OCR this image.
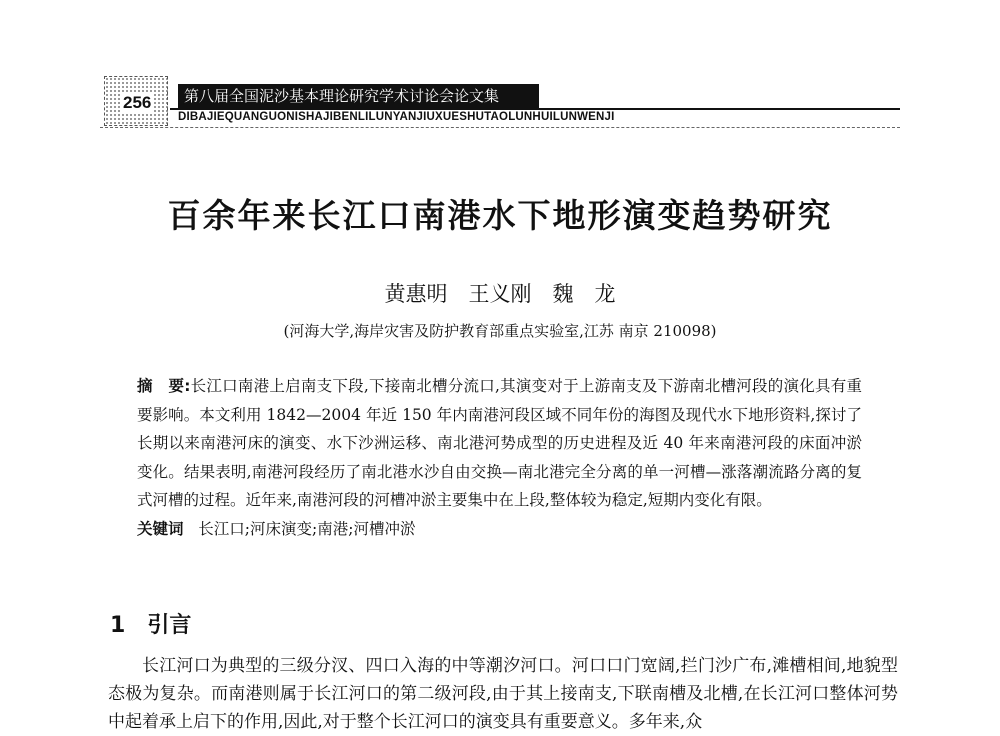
256	第八届全国泥沙基本理论研究学术讨论会论文集
DIBAJIEQUANGUONISHAJIBENLILUNYANJIUXUESHUTAOLUNHUILUNWENJI
百余年来长江口南港水下地形演变趋势研究
黄惠明　王义刚　魏　龙
(河海大学,海岸灾害及防护教育部重点实验室,江苏 南京 210098)
摘　要:长江口南港上启南支下段,下接南北槽分流口,其演变对于上游南支及下游南北槽河段的演化具有重要影响。本文利用 1842—2004 年近 150 年内南港河段区域不同年份的海图及现代水下地形资料,探讨了长期以来南港河床的演变、水下沙洲运移、南北港河势成型的历史进程及近 40 年来南港河段的床面冲淤变化。结果表明,南港河段经历了南北港水沙自由交换—南北港完全分离的单一河槽—涨落潮流路分离的复式河槽的过程。近年来,南港河段的河槽冲淤主要集中在上段,整体较为稳定,短期内变化有限。
关键词 长江口;河床演变;南港;河槽冲淤
1 引言
长江河口为典型的三级分汊、四口入海的中等潮汐河口。河口口门宽阔,拦门沙广布,滩槽相间,地貌型态极为复杂。而南港则属于长江河口的第二级河段,由于其上接南支,下联南槽及北槽,在长江河口整体河势中起着承上启下的作用,因此,对于整个长江河口的演变具有重要意义。多年来,众
